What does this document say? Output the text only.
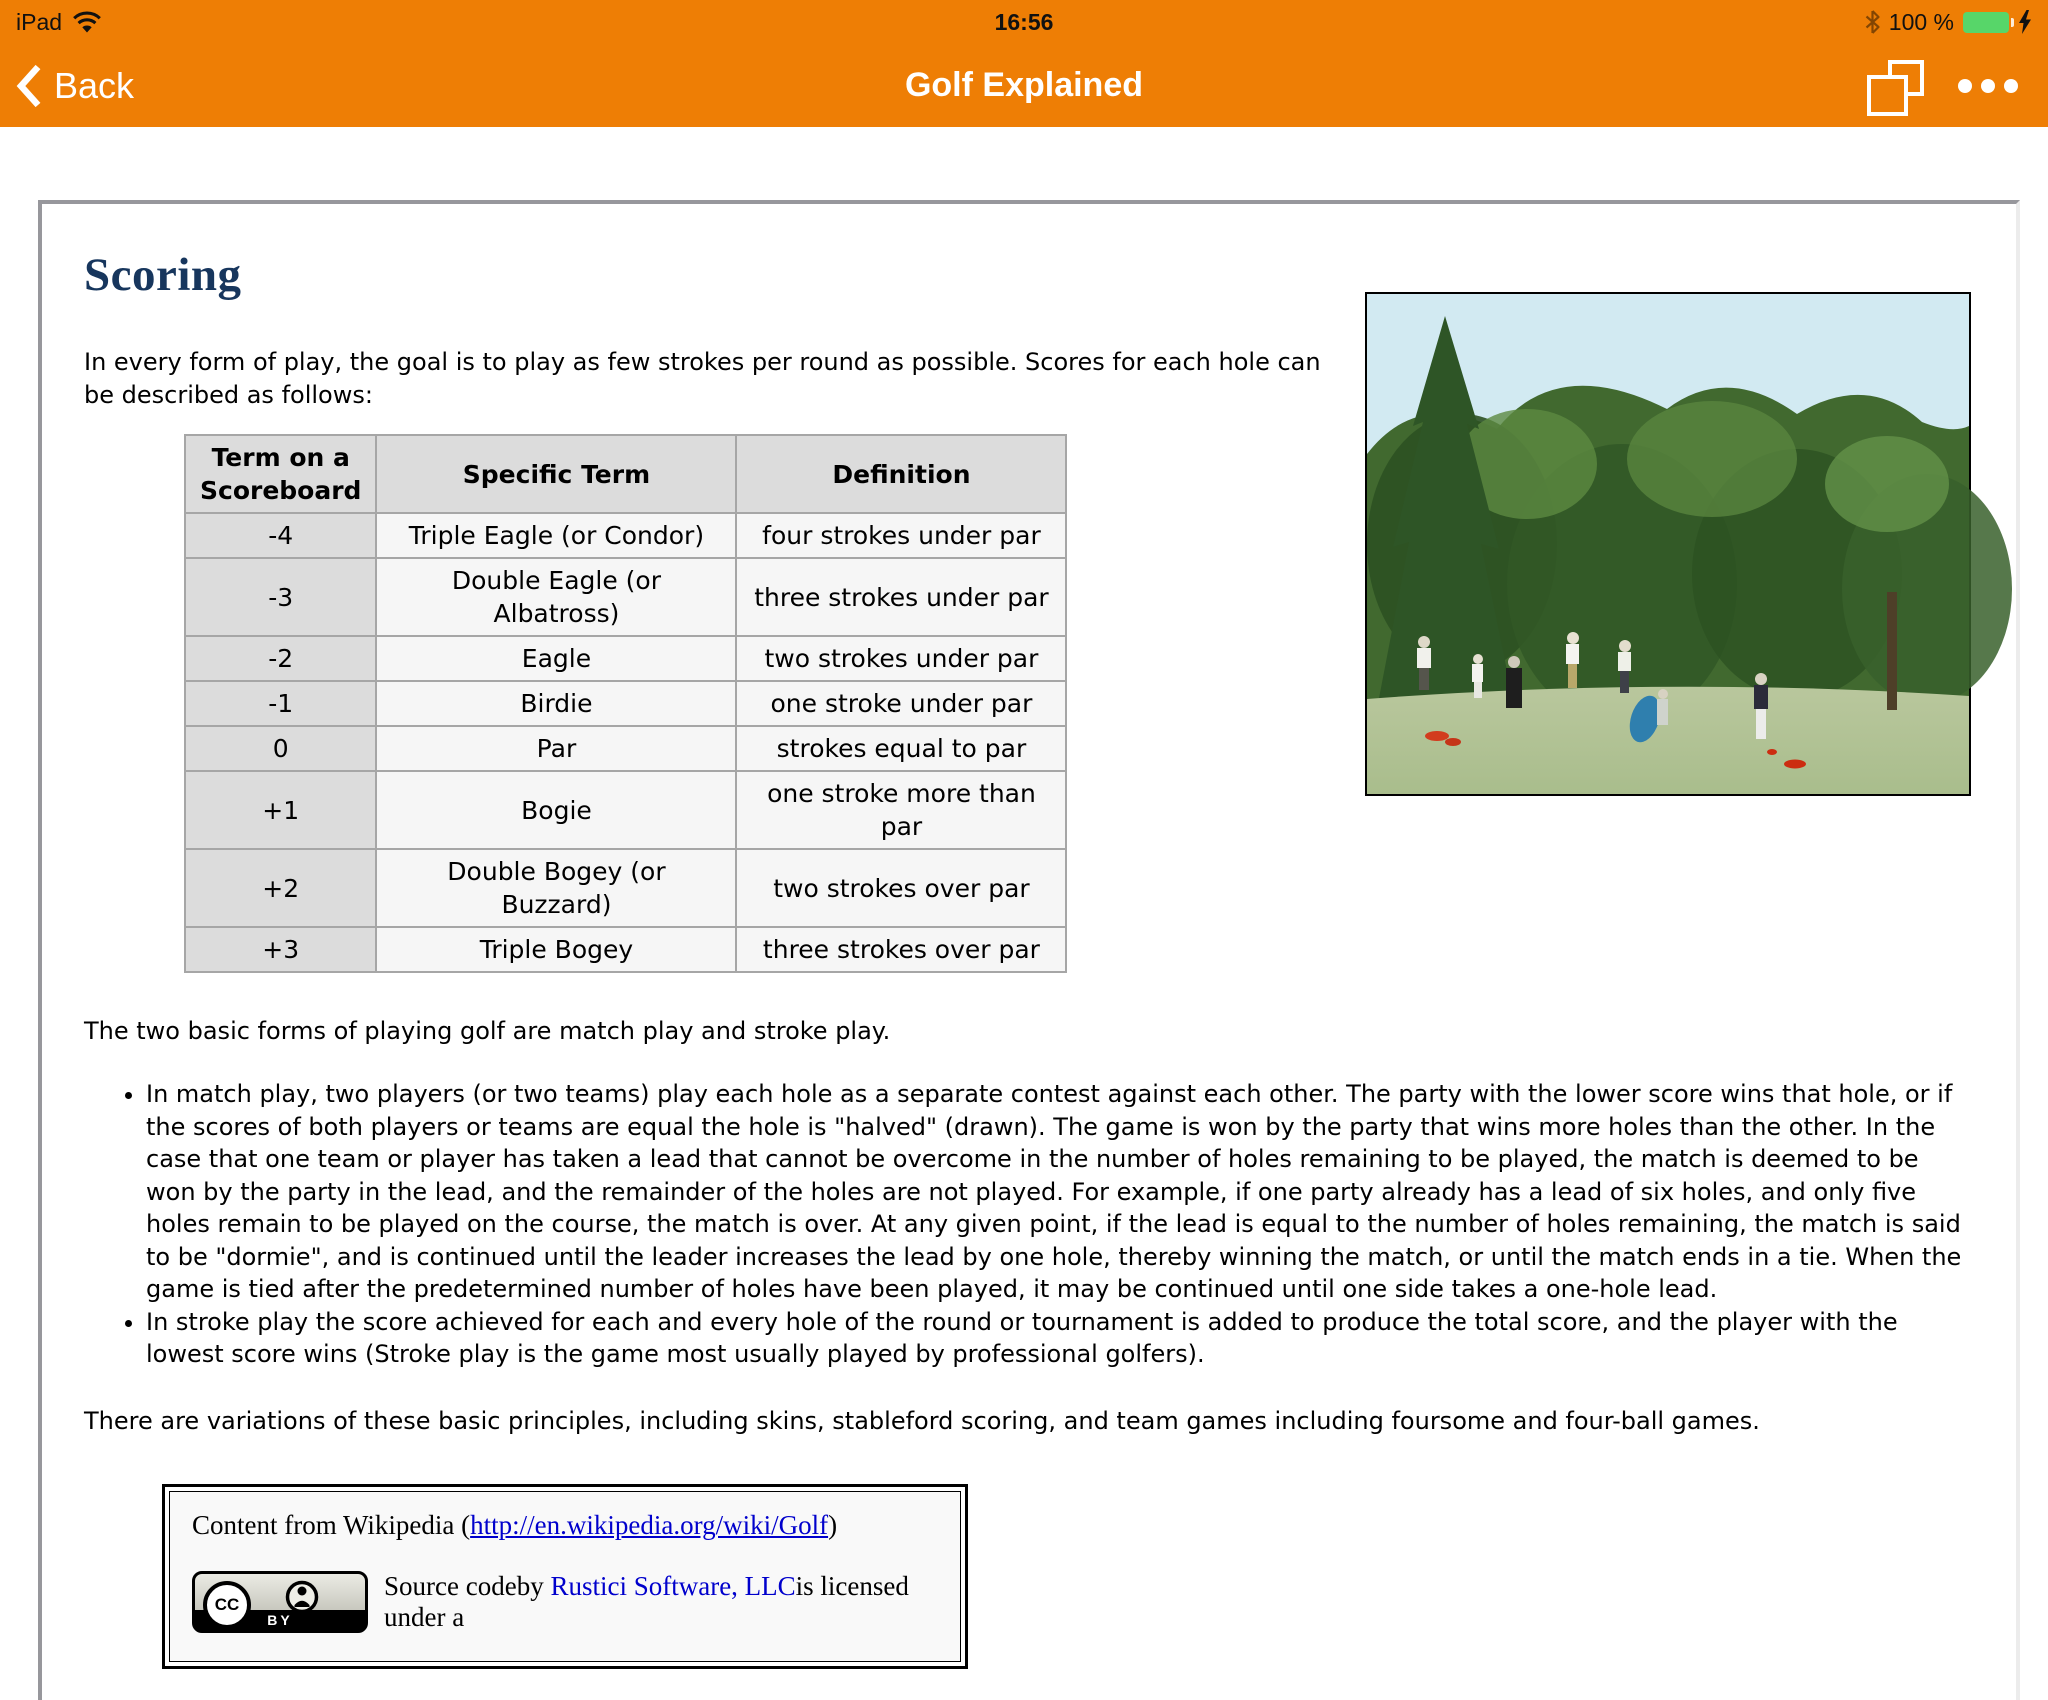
iPad	16:56	100 %
Back	Golf Explained
Scoring

In every form of play, the goal is to play as few strokes per round as possible. Scores for each hole can be described as follows:

Term on a Scoreboard	Specific Term	Definition
-4	Triple Eagle (or Condor)	four strokes under par
-3	Double Eagle (or Albatross)	three strokes under par
-2	Eagle	two strokes under par
-1	Birdie	one stroke under par
0	Par	strokes equal to par
+1	Bogie	one stroke more than par
+2	Double Bogey (or Buzzard)	two strokes over par
+3	Triple Bogey	three strokes over par

The two basic forms of playing golf are match play and stroke play.

• In match play, two players (or two teams) play each hole as a separate contest against each other. The party with the lower score wins that hole, or if the scores of both players or teams are equal the hole is "halved" (drawn). The game is won by the party that wins more holes than the other. In the case that one team or player has taken a lead that cannot be overcome in the number of holes remaining to be played, the match is deemed to be won by the party in the lead, and the remainder of the holes are not played. For example, if one party already has a lead of six holes, and only five holes remain to be played on the course, the match is over. At any given point, if the lead is equal to the number of holes remaining, the match is said to be "dormie", and is continued until the leader increases the lead by one hole, thereby winning the match, or until the match ends in a tie. When the game is tied after the predetermined number of holes have been played, it may be continued until one side takes a one-hole lead.
• In stroke play the score achieved for each and every hole of the round or tournament is added to produce the total score, and the player with the lowest score wins (Stroke play is the game most usually played by professional golfers).

There are variations of these basic principles, including skins, stableford scoring, and team games including foursome and four-ball games.

Content from Wikipedia (http://en.wikipedia.org/wiki/Golf)
CC
BY
Source codeby Rustici Software, LLCis licensed under a
